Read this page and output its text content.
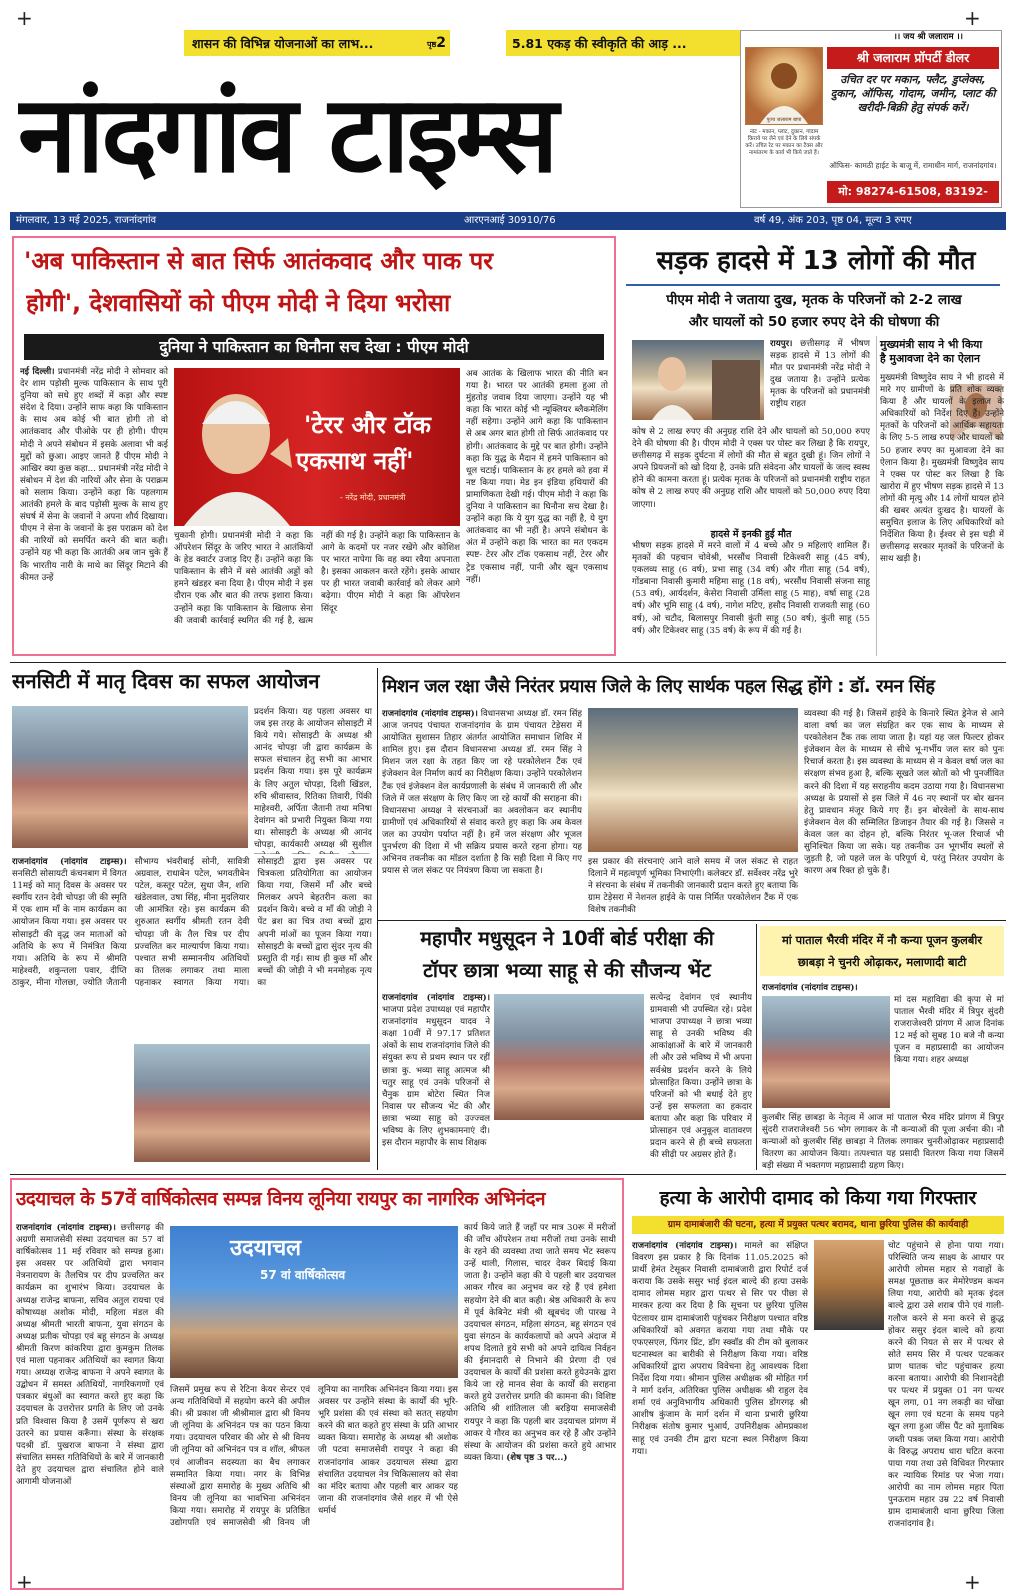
+	+
+	+
शासन की विभिन्न योजनाओं का लाभ...	पृष्ठ2	5.81 एकड़ की स्वीकृति की आड़ ...
नांदगांव टाइम्स
।। जय श्री जलाराम ।।
पूज्य जलाराम बापा
नोट - मकान, प्लॉट, दुकान, गोदाम किराये पर लेने एवं देने के लिये संपर्क करें। उचित रेट पर मकान का टैक्स और नामांतरण के कार्य भी किये जाते हैं।
श्री जलाराम प्रॉपर्टी डीलर
उचित दर पर मकान, फ्लैट, डुप्लेक्स, दुकान, ऑफिस, गोदाम, जमीन, प्लाट की खरीदी-बिक्री हेतु संपर्क करें।
ऑफिस- कामठी हाईट के बाजू में, रामाधीन मार्ग, राजनांदगांव।
मो: 98274-61508, 83192-
मंगलवार, 13 मई 2025, राजनांदगांव	आरएनआई 30910/76	वर्ष 49, अंक 203, पृष्ठ 04, मूल्य 3 रुपए
'अब पाकिस्तान से बात सिर्फ आतंकवाद और पाक पर
होगी', देशवासियों को पीएम मोदी ने दिया भरोसा
दुनिया ने पाकिस्तान का घिनौना सच देखा : पीएम मोदी
नई दिल्ली। प्रधानमंत्री नरेंद्र मोदी ने सोमवार को देर शाम पड़ोसी मुल्क पाकिस्तान के साथ पूरी दुनिया को सधे हुए शब्दों में कड़ा और स्पष्ट संदेश दे दिया। उन्होंने साफ कहा कि पाकिस्तान के साथ अब कोई भी बात होगी तो वो आतंकवाद और पीओके पर ही होगी। पीएम मोदी ने अपने संबोधन में इसके अलावा भी कई मुद्दों को छुआ। आइए जानते हैं पीएम मोदी ने आखिर क्या कुछ कहा... प्रधानमंत्री नरेंद्र मोदी ने संबोधन में देश की नारियों और सेना के पराक्रम को सलाम किया। उन्होंने कहा कि पहलगाम आतंकी हमले के बाद पड़ोसी मुल्क के साथ हुए संघर्ष में सेना के जवानों ने अपना शौर्य दिखाया। पीएम ने सेना के जवानों के इस पराक्रम को देश की नारियों को समर्पित करने की बात कही। उन्होंने यह भी कहा कि आतंकी अब जान चुके हैं कि भारतीय नारी के माथे का सिंदूर मिटाने की कीमत उन्हें
'टेरर और टॉक
एकसाथ नहीं'
- नरेंद्र मोदी, प्रधानमंत्री
चुकानी होगी। प्रधानमंत्री मोदी ने कहा कि ऑपरेशन सिंदूर के जरिए भारत ने आतंकियों के हेड क्वार्टर उजाड़ दिए हैं। उन्होंने कहा कि पाकिस्तान के सीने में बसे आतंकी अड्डों को हमने खंडहर बना दिया है। पीएम मोदी ने इस दौरान एक और बात की तरफ इशारा किया। उन्होंने कहा कि पाकिस्तान के खिलाफ सेना की जवाबी कार्रवाई स्थगित की गई है, खत्म नहीं की गई है। उन्होंने कहा कि पाकिस्तान के आगे के कदमों पर नजर रखेंगे और कोशिश पर भारत नापेगा कि वह क्या रवैया अपनाता है। इसका आकलन करते रहेंगे। इसके आधार पर ही भारत जवाबी कार्रवाई को लेकर आगे बढ़ेगा। पीएम मोदी ने कहा कि ऑपरेशन सिंदूर
अब आतंक के खिलाफ भारत की नीति बन गया है। भारत पर आतंकी हमला हुआ तो मुंहतोड़ जवाब दिया जाएगा। उन्होंने यह भी कहा कि भारत कोई भी न्यूक्लियर ब्लैकमेलिंग नहीं सहेगा। उन्होंने आगे कहा कि पाकिस्तान से अब अगर बात होगी तो सिर्फ आतंकवाद पर होगी। आतंकवाद के मुद्दे पर बात होगी। उन्होंने कहा कि युद्ध के मैदान में हमने पाकिस्तान को धूल चटाई। पाकिस्तान के हर हमले को हवा में नष्ट किया गया। मेड इन इंडिया हथियारों की प्रामाणिकता देखी गई। पीएम मोदी ने कहा कि दुनिया ने पाकिस्तान का घिनौना सच देखा है। उन्होंने कहा कि ये युग युद्ध का नहीं है, ये युग आतंकवाद का भी नहीं है। अपने संबोधन के अंत में उन्होंने कहा कि भारत का मत एकदम स्पष्ट- टेरर और टॉक एकसाथ नहीं, टेरर और ट्रेड एकसाथ नहीं, पानी और खून एकसाथ नहीं।
सड़क हादसे में 13 लोगों की मौत
पीएम मोदी ने जताया दुख, मृतक के परिजनों को 2-2 लाख
और घायलों को 50 हजार रुपए देने की घोषणा की
रायपुर। छत्तीसगढ़ में भीषण सड़क हादसे में 13 लोगों की मौत पर प्रधानमंत्री नरेंद्र मोदी ने दुख जताया है। उन्होंने प्रत्येक मृतक के परिजनों को प्रधानमंत्री राष्ट्रीय राहत
कोष से 2 लाख रुपए की अनुग्रह राशि देने और घायलों को 50,000 रुपए देने की घोषणा की है। पीएम मोदी ने एक्स पर पोस्ट कर लिखा है कि रायपुर, छत्तीसगढ़ में सड़क दुर्घटना में लोगों की मौत से बहुत दुखी हूं। जिन लोगों ने अपने प्रियजनों को खो दिया है, उनके प्रति संवेदना और घायलों के जल्द स्वस्थ होने की कामना करता हूं। प्रत्येक मृतक के परिजनों को प्रधानमंत्री राष्ट्रीय राहत कोष से 2 लाख रुपए की अनुग्रह राशि और घायलों को 50,000 रुपए दिया जाएगा।
हादसे में इनकी हुई मौत
भीषण सड़क हादसे में मरने वालों में 4 बच्चे और 9 महिलाएं शामिल हैं। मृतकों की पहचान चोवेश्री, भरसौंध निवासी टिकेश्वरी साहू (45 वर्ष), एकलव्य साहू (6 वर्ष), प्रभा साहू (34 वर्ष) और गीता साहू (54 वर्ष), गोंडबाना निवासी कुमारी महिमा साहू (18 वर्ष), भरसौंध निवासी संजना साहू (53 वर्ष), आर्यदर्शन, केसेरा निवासी उर्मिला साहू (5 माह), वर्षा साहू (28 वर्ष) और भूमि साहू (4 वर्ष), नागेश मटिए, हसौद निवासी राजवती साहू (60 वर्ष), ओ चटौद, बिलासपुर निवासी कुंती साहू (50 वर्ष), कुंती साहू (55 वर्ष) और टिकेश्वर साहू (35 वर्ष) के रूप में की गई है।
मुख्यमंत्री साय ने भी किया
है मुआवजा देने का ऐलान
मुख्यमंत्री विष्णुदेव साय ने भी हादसे में मारे गए ग्रामीणों के प्रति शोक व्यक्त किया है और घायलों के इलाज के अधिकारियों को निर्देश दिए हैं। उन्होंने मृतकों के परिजनों को आर्थिक सहायता के लिए 5-5 लाख रुपए और घायलों को 50 हजार रुपए का मुआवजा देने का ऐलान किया है। मुख्यमंत्री विष्णुदेव साय ने एक्स पर पोस्ट कर लिखा है कि खारोरा में हुए भीषण सड़क हादसे में 13 लोगों की मृत्यु और 14 लोगों घायल होने की खबर अत्यंत दुःखद है। घायलों के समुचित इलाज के लिए अधिकारियों को निर्देशित किया है। ईश्वर से इस घड़ी में छत्तीसगढ़ सरकार मृतकों के परिजनों के साथ खड़ी है।
सनसिटी में मातृ दिवस का सफल आयोजन
प्रदर्शन किया। यह पहला अवसर था जब इस तरह के आयोजन सोसाइटी में किये गये। सोसाइटी के अध्यक्ष श्री आनंद चोपड़ा जी द्वारा कार्यक्रम के सफल संचालन हेतु सभी का आभार प्रदर्शन किया गया। इस पूरे कार्यक्रम के लिए अतुल चोपड़ा, दिशी खिंडल, रुचि श्रीवास्तव, रितिका तिवारी, पिंकी माहेश्वरी, अर्पिता जैतानी तथा मनिषा देवांगन को प्रभारी नियुक्त किया गया था। सोसाइटी के अध्यक्ष श्री आनंद चोपड़ा, कार्यकारी अध्यक्ष श्री सुशील
राजनांदगांव (नांदगांव टाइम्स)। सनसिटी सोसायटी कंचनबाग में विगत 11मई को मातृ दिवस के अवसर पर स्वर्गीय रतन देवी चोपड़ा जी की स्मृति में एक शाम माँ के नाम कार्यक्रम का आयोजन किया गया। इस अवसर पर सोसाइटी की वृद्ध जन माताओं को अतिथि के रूप में निमंत्रित किया गया। अतिथि के रूप में श्रीमति माहेश्वरी, शकुन्तला पवार, दीप्ति ठाकुर, मीना गोलछा, ज्योति जैतानी सौभाग्य भंवरीबाई सोनी, सावित्री अग्रवाल, राधाबेन पटेल, भगवतीबेन पटेल, कस्तूर पटेल, सुधा जैन, शशि खंडेलवाल, उषा सिंह, मीना मुदलियार जी आमंत्रित रहे। इस कार्यक्रम की शुरुआत स्वर्गीय श्रीमती रतन देवी चोपड़ा जी के तैल चित्र पर दीप प्रज्वलित कर माल्यार्पण किया गया। पश्चात सभी सम्माननीय अतिथियों का तिलक लगाकर तथा माला पहनाकर स्वागत किया गया। सोसाइटी द्वारा इस अवसर पर चित्रकला प्रतियोगिता का आयोजन किया गया, जिसमें माँ और बच्चे मिलकर अपने बेहतरीन कला का प्रदर्शन किये। बच्चे व माँ की जोड़ी ने पेंट ब्रश का चित्र तथा बच्चों द्वारा अपनी मांओं का पूजन किया गया। सोसाइटी के बच्चों द्वारा सुंदर नृत्य की प्रस्तुति दी गई। साथ ही कुछ माँ और बच्चों की जोड़ी ने भी मनमोहक नृत्य का
मिशन जल रक्षा जैसे निरंतर प्रयास जिले के लिए सार्थक पहल सिद्ध होंगे : डॉ. रमन सिंह
राजनांदगांव (नांदगांव टाइम्स)। विधानसभा अध्यक्ष डॉ. रमन सिंह आज जनपद पंचायत राजनांदगांव के ग्राम पंचायत टेड़ेसरा में आयोजित सुशासन तिहार अंतर्गत आयोजित समाधान शिविर में शामिल हुए। इस दौरान विधानसभा अध्यक्ष डॉ. रमन सिंह ने मिशन जल रक्षा के तहत किए जा रहे परकोलेशन टैंक एवं इंजेक्शन वेल निर्माण कार्य का निरीक्षण किया। उन्होंने परकोलेशन टैंक एवं इंजेक्शन वेल कार्यप्रणाली के संबंध में जानकारी ली और जिले में जल संरक्षण के लिए किए जा रहे कार्यों की सराहना की। विधानसभा अध्यक्ष ने संरचनाओं का अवलोकन कर स्थानीय ग्रामीणों एवं अधिकारियों से संवाद करते हुए कहा कि अब केवल जल का उपयोग पर्याप्त नहीं है। हमें जल संरक्षण और भूजल पुनर्भरण की दिशा में भी सक्रिय प्रयास करते रहना होगा। यह अभिनव तकनीक का मॉडल दर्शाता है कि सही दिशा में किए गए प्रयास से जल संकट पर नियंत्रण किया जा सकता है।
इस प्रकार की संरचनाएं आने वाले समय में जल संकट से राहत दिलाने में महत्वपूर्ण भूमिका निभाएंगी। कलेक्टर डॉ. सर्वेश्वर नरेंद्र भुरे ने संरचना के संबंध में तकनीकी जानकारी प्रदान करते हुए बताया कि ग्राम टेड़ेसरा में नेशनल हाईवे के पास निर्मित परकोलेशन टैंक में एक विशेष तकनीकी
व्यवस्था की गई है। जिसमें हाईवे के किनारे स्थित ड्रेनेज से आने वाला वर्षा का जल संग्रहित कर एक साथ के माध्यम से परकोलेशन टैंक तक लाया जाता है। यहां यह जल फिल्टर होकर इंजेक्शन वेल के माध्यम से सीधे भू-गर्भीय जल स्तर को पुनः रिचार्ज करता है। इस व्यवस्था के माध्यम से न केवल वर्षा जल का संरक्षण संभव हुआ है, बल्कि सूखते जल स्रोतों को भी पुनर्जीवित करने की दिशा में यह सराहनीय कदम उठाया गया है। विधानसभा अध्यक्ष के प्रयासों से इस जिले में 46 नए स्थानों पर बोर खनन हेतु प्रावधान मंजूर किये गए हैं। इन बोरवेलों के साथ-साथ इंजेक्शन वेल की सम्मिलित डिजाइन तैयार की गई है। जिससे न केवल जल का दोहन हो, बल्कि निरंतर भू-जल रिचार्ज भी सुनिश्चित किया जा सके। यह तकनीक उन भूगर्भीय स्थलों से जुड़ती है, जो पहले जल के परिपूर्ण थे, परंतु निरंतर उपयोग के कारण अब रिक्त हो चुके हैं।
महापौर मधुसूदन ने 10वीं बोर्ड परीक्षा की
टॉपर छात्रा भव्या साहू से की सौजन्य भेंट
राजनांदगांव (नांदगांव टाइम्स)। भाजपा प्रदेश उपाध्यक्ष एवं महापौर राजनांदगांव मधुसूदन यादव ने कक्षा 10वीं में 97.17 प्रतिशत अंकों के साथ राजनांदगांव जिले की संयुक्त रूप से प्रथम स्थान पर रहीं छात्रा कु. भव्या साहू आत्मज श्री चतुर साहू एवं उनके परिजनों से चैनुक ग्राम बोटेरा स्थित निज निवास पर सौजन्य भेंट की और छात्रा भव्या साहू को उज्ज्वल भविष्य के लिए शुभकामनाएं दी। इस दौरान महापौर के साथ शिक्षक
सत्येन्द्र देवांगन एवं स्थानीय ग्रामवासी भी उपस्थित रहे। प्रदेश भाजपा उपाध्यक्ष ने छात्रा भव्या साहू से उनकी भविष्य की आकांक्षाओं के बारे में जानकारी ली और उसे भविष्य में भी अपना सर्वश्रेष्ठ प्रदर्शन करने के लिये प्रोत्साहित किया। उन्होंने छात्रा के परिजनों को भी बधाई देते हुए उन्हें इस सफलता का हकदार बताया और कहा कि परिवार में प्रोत्साहन एवं अनुकूल वातावरण प्रदान करने से ही बच्चे सफलता की सीढ़ी पर अग्रसर होते हैं।
मां पाताल भैरवी मंदिर में नौ कन्या पूजन कुलबीर
छाबड़ा ने चुनरी ओढ़ाकर, मलाणादी बाटी
राजनांदगांव (नांदगांव टाइम्स)।
मां दस महाविद्या की कृपा से मां पाताल भैरवी मंदिर में त्रिपुर सुंदरी राजराजेश्वरी प्रांगण में आज दिनांक 12 मई को सुबह 10 बजे नौ कन्या पूजन व महाप्रसादी का आयोजन किया गया। शहर अध्यक्ष
कुलबीर सिंह छाबड़ा के नेतृत्व में आज मां पाताल भैरव मंदिर प्रांगण में त्रिपुर सुंदरी राजराजेश्वरी 56 भोग लगाकर के नौ कन्याओं की पूजा अर्चना की। नौ कन्याओं को कुलबीर सिंह छाबड़ा ने तिलक लगाकर चुनरीओढ़ाकर महाप्रसादी वितरण का आयोजन किया। तत्पश्चात यह प्रसादी वितरण किया गया जिसमें बड़ी संख्या में भक्तगण महाप्रसादी ग्रहण किए।
उदयाचल के 57वें वार्षिकोत्सव सम्पन्न विनय लूनिया रायपुर का नागरिक अभिनंदन
राजनांदगांव (नांदगांव टाइम्स)। छत्तीसगढ़ की अग्रणी समाजसेवी संस्था उदयाचल का 57 वां वार्षिकोत्सव 11 मई रविवार को सम्पन्न हुआ। इस अवसर पर अतिथियों द्वारा भगवान नेत्रनारायण के तैलचित्र पर दीप प्रज्वलित कर कार्यक्रम का शुभारंभ किया। उदयाचल के अध्यक्ष राजेन्द्र बाफना, सचिव अतुल रायचा एवं कोषाध्यक्ष अशोक मोदी, महिला मंडल की अध्यक्ष श्रीमती भारती बाफना, युवा संगठन के अध्यक्ष प्रतीक चोपड़ा एवं बहू संगठन के अध्यक्ष श्रीमती किरण कांकरिया द्वारा कुमकुम तिलक एवं माला पहनाकर अतिथियों का स्वागत किया गया। अध्यक्ष राजेन्द्र बाफना ने अपने स्वागत के उद्बोधन में समस्त अतिथियों, नागरिकगणों एवं पत्रकार बंधुओं का स्वागत करते हुए कहा कि उदयाचल के उत्तरोत्तर प्रगति के लिए जो उनके प्रति विश्वास किया है उसमें पूर्णरूप से खरा उतरने का प्रयास करूँगा। संस्था के संरक्षक पदश्री डॉ. पुखराज बाफना ने संस्था द्वारा संचालित समस्त गतिविधियों के बारे में जानकारी देते हुए उदयाचल द्वारा संचालित होने वाले आगामी योजनाओं
उदयाचल
57 वां वार्षिकोत्सव
जिसमें प्रमुख रूप से रेटिना केयर सेन्टर एवं अन्य गतिविधियों में सहयोग करने की अपील की। श्री प्रकाश जी श्रीश्रीमाल द्वारा श्री विनय जी लूनिया के अभिनंदन पत्र का पठन किया गया। उदयाचल परिवार की ओर से श्री विनय जी लूनिया को अभिनंदन पत्र व शॉल, श्रीफल एवं आजीवन सदस्यता का बैच लगाकर सम्मानित किया गया। नगर के विभिन्न संस्थाओं द्वारा समारोह के मुख्य अतिथि श्री विनय जी लूनिया का भावभिना अभिनंदन किया गया। समारोह में रायपुर के प्रतिष्ठित उद्योगपति एवं समाजसेवी श्री विनय जी लूनिया का नागरिक अभिनंदन किया गया। इस अवसर पर उन्होंने संस्था के कार्यों की भूरि-भूरि प्रशंसा की एवं संस्था को सतत् सहयोग करने की बात कहते हुए संस्था के प्रति आभार व्यक्त किया। समारोह के अध्यक्ष श्री अशोक जी पटवा समाजसेवी रायपुर ने कहा की राजनांदगांव आकर उदयाचल संस्था द्वारा संचालित उदयाचल नेत्र चिकित्सालय को सेवा का मंदिर बताया और पहली बार आकर यह जाना की राजनांदगांव जैसे शहर में भी ऐसे धर्मार्थ
कार्य किये जाते हैं जहाँ पर मात्र 30रू में मरीजों की जाँच ऑपरेशन तथा मरीजों तथा उनके साथी के रहने की व्यवस्था तथा जाते समय भेंट स्वरूप उन्हें थाली, गिलास, चादर देकर बिदाई किया जाता है। उन्होंने कहा की ये पहली बार उदयाचल आकर गौरव का अनुभव कर रहे हैं एवं हमेशा सहयोग देने की बात कही। श्रेष्ठ अधिकारी के रूप में पूर्व केबिनेट मंत्री श्री खूबचंद जी पारख ने उदयाचल संगठन, महिला संगठन, बहू संगठन एवं युवा संगठन के कार्यकलापों को अपने अंदाज में शपथ दिलाते हुये सभी को अपने दायित्व निर्वहन की ईमानदारी से निभाने की प्रेरणा दी एवं उदयाचल के कार्यों की प्रशंसा करते हुयेउनके द्वारा किये जा रहे मानव सेवा के कार्यों की सराहना करते हुये उत्तरोत्तर प्रगति की कामना की। विशिष्ट अतिथि श्री शांतिलाल जी बरड़िया समाजसेवी रायपुर ने कहा कि पहली बार उदयाचल प्रांगण में आकर ये गौरव का अनुभव कर रहे हैं और उन्होंने संस्था के आयोजन की प्रशंसा करते हुये आभार व्यक्त किया। (शेष पृष्ठ 3 पर...)
हत्या के आरोपी दामाद को किया गया गिरफ्तार
ग्राम दामाबंजारी की घटना, हत्या में प्रयुक्त पत्थर बरामद, थाना छुरिया पुलिस की कार्यवाही
राजनांदगांव (नांदगांव टाइम्स)। मामले का संक्षिप्त विवरण इस प्रकार है कि दिनांक 11.05.2025 को प्रार्थी हेमंत टेसूकर निवासी दामाबंजारी द्वारा रिपोर्ट दर्ज कराया कि उसके ससुर भाई इंदल बाल्दे की हत्या उसके दामाद लोमस महार द्वारा पत्थर से सिर पर पीछा से मारकर हत्या कर दिया है कि सूचना पर छुरिया पुलिस पेटलायर ग्राम दामाबंजारी पहुंचकर निरीक्षण पश्चात वरिष्ठ अधिकारियों को अवगत कराया गया तथा मौके पर एफएसएल, फिंगर प्रिंट, डॉग स्क्वॉड की टीम को बुलाकर घटनास्थल का बारीकी से निरीक्षण किया गया। वरिष्ठ अधिकारियों द्वारा अपराध विवेचना हेतु आवश्यक दिशा निर्देश दिया गया। श्रीमान पुलिस अधीक्षक श्री मोहित गर्ग ने मार्ग दर्शन, अतिरिक्त पुलिस अधीक्षक श्री राहुल देव शर्मा एवं अनुविभागीय अधिकारी पुलिस डोंगरगढ़ श्री आशीष कुंजाम के मार्ग दर्शन में थाना प्रभारी छुरिया निरीक्षक संतोष कुमार भुआर्य, उपनिरीक्षक ओमप्रकाश साहू एवं उनकी टीम द्वारा घटना स्थल निरीक्षण किया गया।
चोट पहुंचाने से होना पाया गया। परिस्थिति जन्य साक्ष्य के आधार पर आरोपी लोमस महार से गवाहों के समक्ष पूछताछ कर मेमोरेण्डम कथन लिया गया, आरोपी को मृतक इंदल बाल्दे द्वारा उसे शराब पीने एवं गाली-गलौज करने से मना करने से क्रुद्ध होकर ससुर इंदल बाल्दे को हत्या करने की नियत से सर में पत्थर से सोते समय सिर में पत्थर पटककर प्राण घातक चोट पहुंचाकर हत्या करना बताया। आरोपी की निशानदेही पर पत्थर में प्रयुक्त 01 नग पत्थर खून लगा, 01 नग लकड़ी का चोंखा खून लगा एवं घटना के समय पहने खून लगा हुआ जींस पैंट को मुताबिक जब्ती पत्रक जब्त किया गया। आरोपी के विरुद्ध अपराध धारा घटित करना पाया गया तथा उसे विधिवत गिरफ्तार कर न्यायिक रिमांड पर भेजा गया। आरोपी का नाम लोमस महार पिता पुनऊराम महार उम्र 22 वर्ष निवासी ग्राम दामाबंजारी थाना छुरिया जिला राजनांदगांव है।
